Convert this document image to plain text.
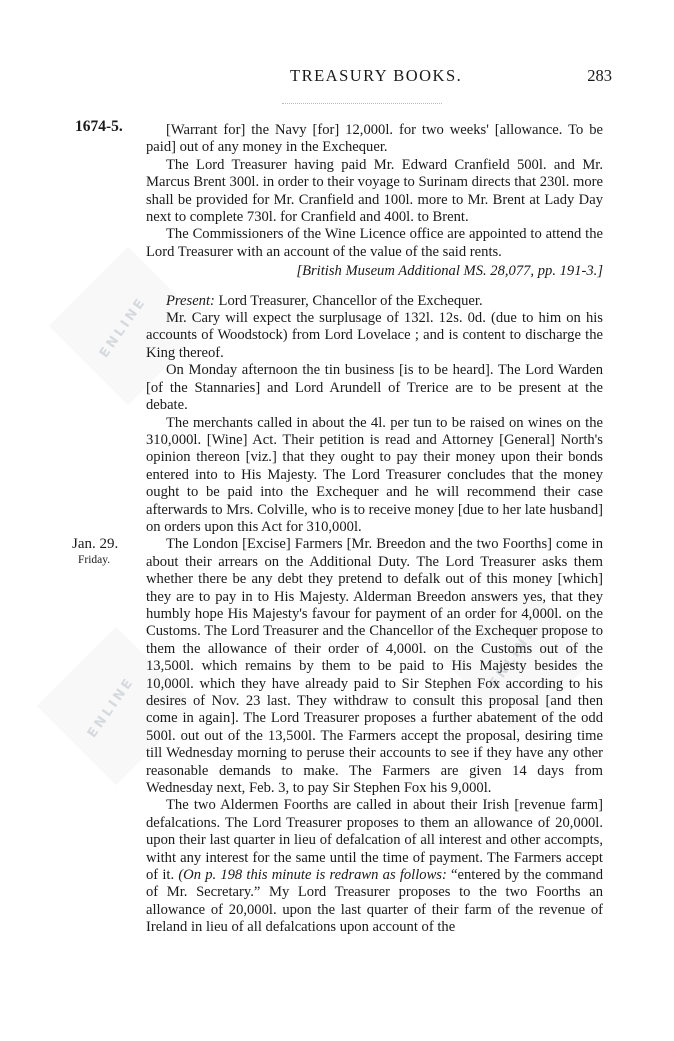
ENLINE
ENLINE
ENLINE
TREASURY BOOKS.	283
1674-5.
Jan. 29.
Friday.

[Warrant for] the Navy [for] 12,000l. for two weeks' [allowance. To be paid] out of any money in the Exchequer.

The Lord Treasurer having paid Mr. Edward Cranfield 500l. and Mr. Marcus Brent 300l. in order to their voyage to Surinam directs that 230l. more shall be provided for Mr. Cranfield and 100l. more to Mr. Brent at Lady Day next to complete 730l. for Cranfield and 400l. to Brent.

The Commissioners of the Wine Licence office are appointed to attend the Lord Treasurer with an account of the value of the said rents.

[British Museum Additional MS. 28,077, pp. 191-3.]

Present: Lord Treasurer, Chancellor of the Exchequer.

Mr. Cary will expect the surplusage of 132l. 12s. 0d. (due to him on his accounts of Woodstock) from Lord Lovelace ; and is content to discharge the King thereof.

On Monday afternoon the tin business [is to be heard]. The Lord Warden [of the Stannaries] and Lord Arundell of Trerice are to be present at the debate.

The merchants called in about the 4l. per tun to be raised on wines on the 310,000l. [Wine] Act. Their petition is read and Attorney [General] North's opinion thereon [viz.] that they ought to pay their money upon their bonds entered into to His Majesty. The Lord Treasurer concludes that the money ought to be paid into the Exchequer and he will recommend their case afterwards to Mrs. Colville, who is to receive money [due to her late husband] on orders upon this Act for 310,000l.

The London [Excise] Farmers [Mr. Breedon and the two Foorths] come in about their arrears on the Additional Duty. The Lord Treasurer asks them whether there be any debt they pretend to defalk out of this money [which] they are to pay in to His Majesty. Alderman Breedon answers yes, that they humbly hope His Majesty's favour for payment of an order for 4,000l. on the Customs. The Lord Treasurer and the Chancellor of the Exchequer propose to them the allowance of their order of 4,000l. on the Customs out of the 13,500l. which remains by them to be paid to His Majesty besides the 10,000l. which they have already paid to Sir Stephen Fox according to his desires of Nov. 23 last. They withdraw to consult this proposal [and then come in again]. The Lord Treasurer proposes a further abatement of the odd 500l. out out of the 13,500l. The Farmers accept the proposal, desiring time till Wednesday morning to peruse their accounts to see if they have any other reasonable demands to make. The Farmers are given 14 days from Wednesday next, Feb. 3, to pay Sir Stephen Fox his 9,000l.

The two Aldermen Foorths are called in about their Irish [revenue farm] defalcations. The Lord Treasurer proposes to them an allowance of 20,000l. upon their last quarter in lieu of defalcation of all interest and other accompts, witht any interest for the same until the time of payment. The Farmers accept of it. (On p. 198 this minute is redrawn as follows: “entered by the command of Mr. Secretary.” My Lord Treasurer proposes to the two Foorths an allowance of 20,000l. upon the last quarter of their farm of the revenue of Ireland in lieu of all defalcations upon account of the
